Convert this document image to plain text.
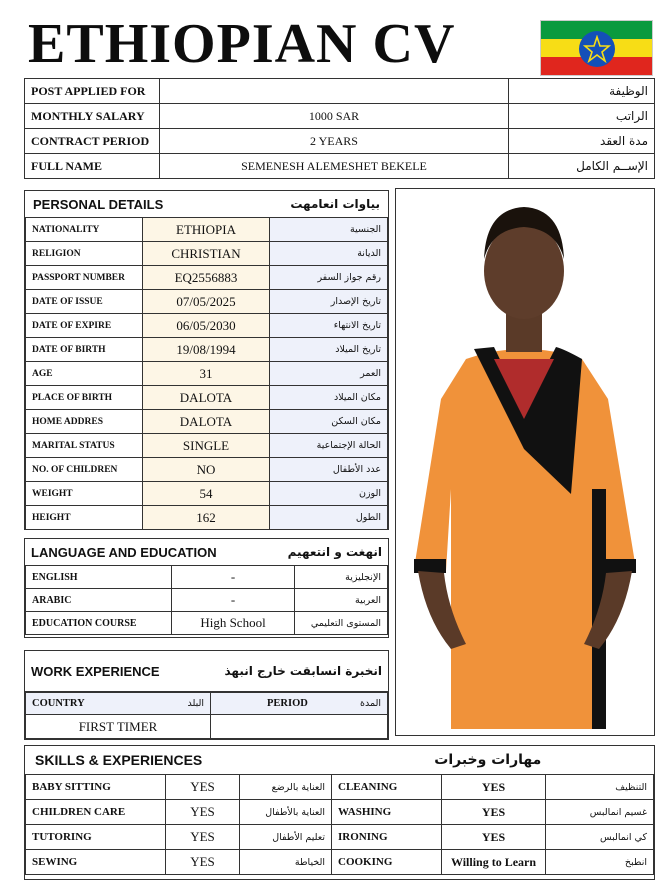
ETHIOPIAN CV
POST APPLIED FOR		الوظيفة
MONTHLY SALARY	1000 SAR	الراتب
CONTRACT PERIOD	2 YEARS	مدة العقد
FULL NAME	SEMENESH ALEMESHET BEKELE	الإســم الكامل
PERSONAL DETAILS	بياوات انعامهت
NATIONALITY	ETHIOPIA	الجنسية
RELIGION	CHRISTIAN	الديانة
PASSPORT NUMBER	EQ2556883	رقم جواز السفر
DATE OF ISSUE	07/05/2025	تاريخ الإصدار
DATE OF EXPIRE	06/05/2030	تاريخ الانتهاء
DATE OF BIRTH	19/08/1994	تاريخ الميلاد
AGE	31	العمر
PLACE OF BIRTH	DALOTA	مكان الميلاد
HOME ADDRES	DALOTA	مكان السكن
MARITAL STATUS	SINGLE	الحالة الإجتماعية
NO. OF CHILDREN	NO	عدد الأطفال
WEIGHT	54	الوزن
HEIGHT	162	الطول
LANGUAGE AND EDUCATION	انهغت و انتعهيم
ENGLISH	-	الإنجليزية
ARABIC	-	العربية
EDUCATION COURSE	High School	المستوى التعليمي
WORK EXPERIENCE	انخبرة انسابقت خارج انبهذ
COUNTRY البلد	PERIOD المدة

FIRST TIMER	
SKILLS & EXPERIENCES	مهارات وخبرات
BABY SITTING	YES	العناية بالرضع	CLEANING	YES	التنظيف
CHILDREN CARE	YES	العناية بالأطفال	WASHING	YES	غسيم انمالبس
TUTORING	YES	تعليم الأطفال	IRONING	YES	كي انمالبس
SEWING	YES	الخياطة	COOKING	Willing to Learn	انطبخ
